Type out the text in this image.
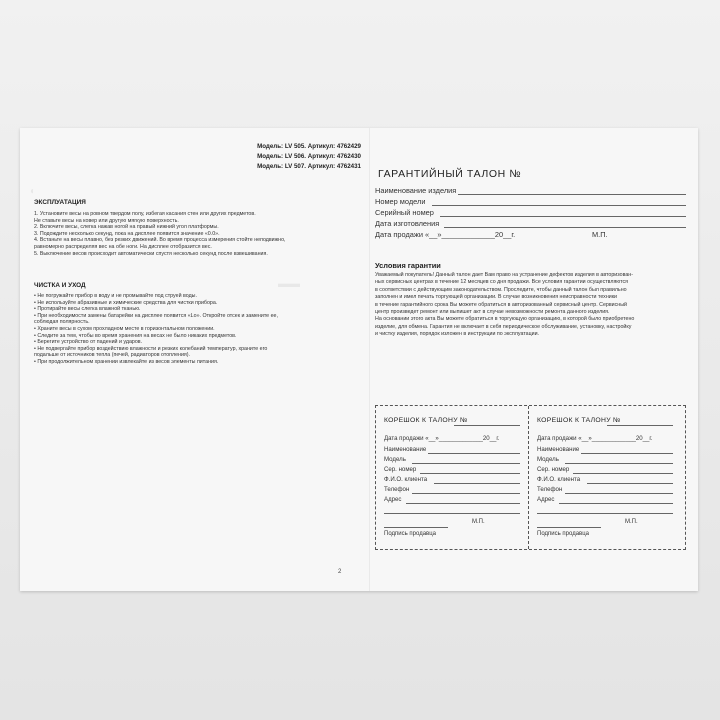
◐
▬▬
Модель: LV 505. Артикул: 4762429
Модель: LV 506. Артикул: 4762430
Модель: LV 507. Артикул: 4762431
ЭКСПЛУАТАЦИЯ
1. Установите весы на ровном твердом полу, избегая касания стен или других предметов.
Не ставьте весы на ковер или другую мягкую поверхность.
2. Включите весы, слегка нажав ногой на правый нижний угол платформы.
3. Подождите несколько секунд, пока на дисплее появится значение «0.0».
4. Встаньте на весы плавно, без резких движений. Во время процесса измерения стойте неподвижно,
равномерно распределяя вес на обе ноги. На дисплее отобразится вес.
5. Выключение весов происходит автоматически спустя несколько секунд после взвешивания.
ЧИСТКА И УХОД
• Не погружайте прибор в воду и не промывайте под струей воды.
• Не используйте абразивные и химические средства для чистки прибора.
• Протирайте весы слегка влажной тканью.
• При необходимости замены батарейки на дисплее появится «Lo». Откройте отсек и замените ее,
соблюдая полярность.
• Храните весы в сухом прохладном месте в горизонтальном положении.
• Следите за тем, чтобы во время хранения на весах не было никаких предметов.
• Берегите устройство от падений и ударов.
• Не подвергайте прибор воздействию влажности и резких колебаний температур, храните его
подальше от источников тепла (печей, радиаторов отопления).
• При продолжительном хранении извлекайте из весов элементы питания.
2
ГАРАНТИЙНЫЙ ТАЛОН №
Наименование изделия
Номер модели
Серийный номер
Дата изготовления
Дата продажи «__»_____________20__г.	М.П.
Условия гарантии
Уважаемый покупатель! Данный талон дает Вам право на устранение дефектов изделия в авторизован-
ных сервисных центрах в течение 12 месяцев со дня продажи. Все условия гарантии осуществляются
в соответствии с действующим законодательством. Проследите, чтобы данный талон был правильно
заполнен и имел печать торгующей организации. В случае возникновения неисправности техники
в течение гарантийного срока Вы можете обратиться в авторизованный сервисный центр. Сервисный
центр произведет ремонт или выпишет акт в случае невозможности ремонта данного изделия.
На основании этого акта Вы можете обратиться в торгующую организацию, в которой было приобретено
изделие, для обмена. Гарантия не включает в себя периодическое обслуживание, установку, настройку
и чистку изделия, порядок изложен в инструкции по эксплуатации.
КОРЕШОК К ТАЛОНУ №
Дата продажи «__»_____________20__г.
Наименование
Модель
Сер. номер
Ф.И.О. клиента
Телефон
Адрес
М.П.
Подпись продавца
КОРЕШОК К ТАЛОНУ №
Дата продажи «__»_____________20__г.
Наименование
Модель
Сер. номер
Ф.И.О. клиента
Телефон
Адрес
М.П.
Подпись продавца
